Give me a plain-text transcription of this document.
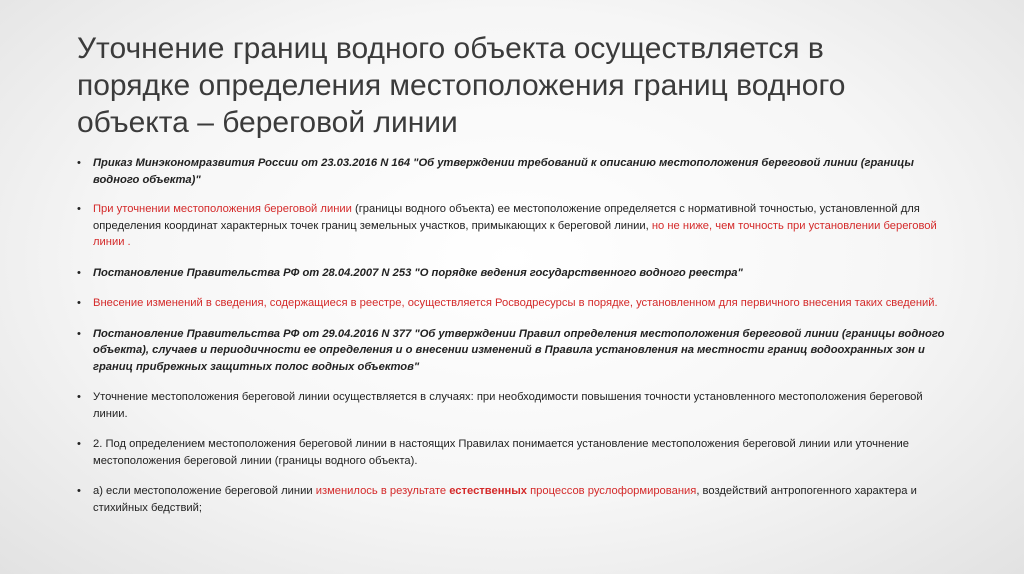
Уточнение границ водного объекта осуществляется в порядке определения местоположения границ водного объекта – береговой линии
• Приказ Минэкономразвития России от 23.03.2016 N 164 "Об утверждении требований к описанию местоположения береговой линии (границы водного объекта)"
• При уточнении местоположения береговой линии (границы водного объекта) ее местоположение определяется с нормативной точностью, установленной для определения координат характерных точек границ земельных участков, примыкающих к береговой линии, но не ниже, чем точность при установлении береговой линии .
• Постановление Правительства РФ от 28.04.2007 N 253 "О порядке ведения государственного водного реестра"
• Внесение изменений в сведения, содержащиеся в реестре, осуществляется Росводресурсы в порядке, установленном для первичного внесения таких сведений.
• Постановление Правительства РФ от 29.04.2016 N 377 "Об утверждении Правил определения местоположения береговой линии (границы водного объекта), случаев и периодичности ее определения и о внесении изменений в Правила установления на местности границ водоохранных зон и границ прибрежных защитных полос водных объектов"
• Уточнение местоположения береговой линии осуществляется в случаях: при необходимости повышения точности установленного местоположения береговой линии.
• 2. Под определением местоположения береговой линии в настоящих Правилах понимается установление местоположения береговой линии или уточнение местоположения береговой линии (границы водного объекта).
• а) если местоположение береговой линии изменилось в результате естественных процессов руслоформирования, воздействий антропогенного характера и стихийных бедствий;
